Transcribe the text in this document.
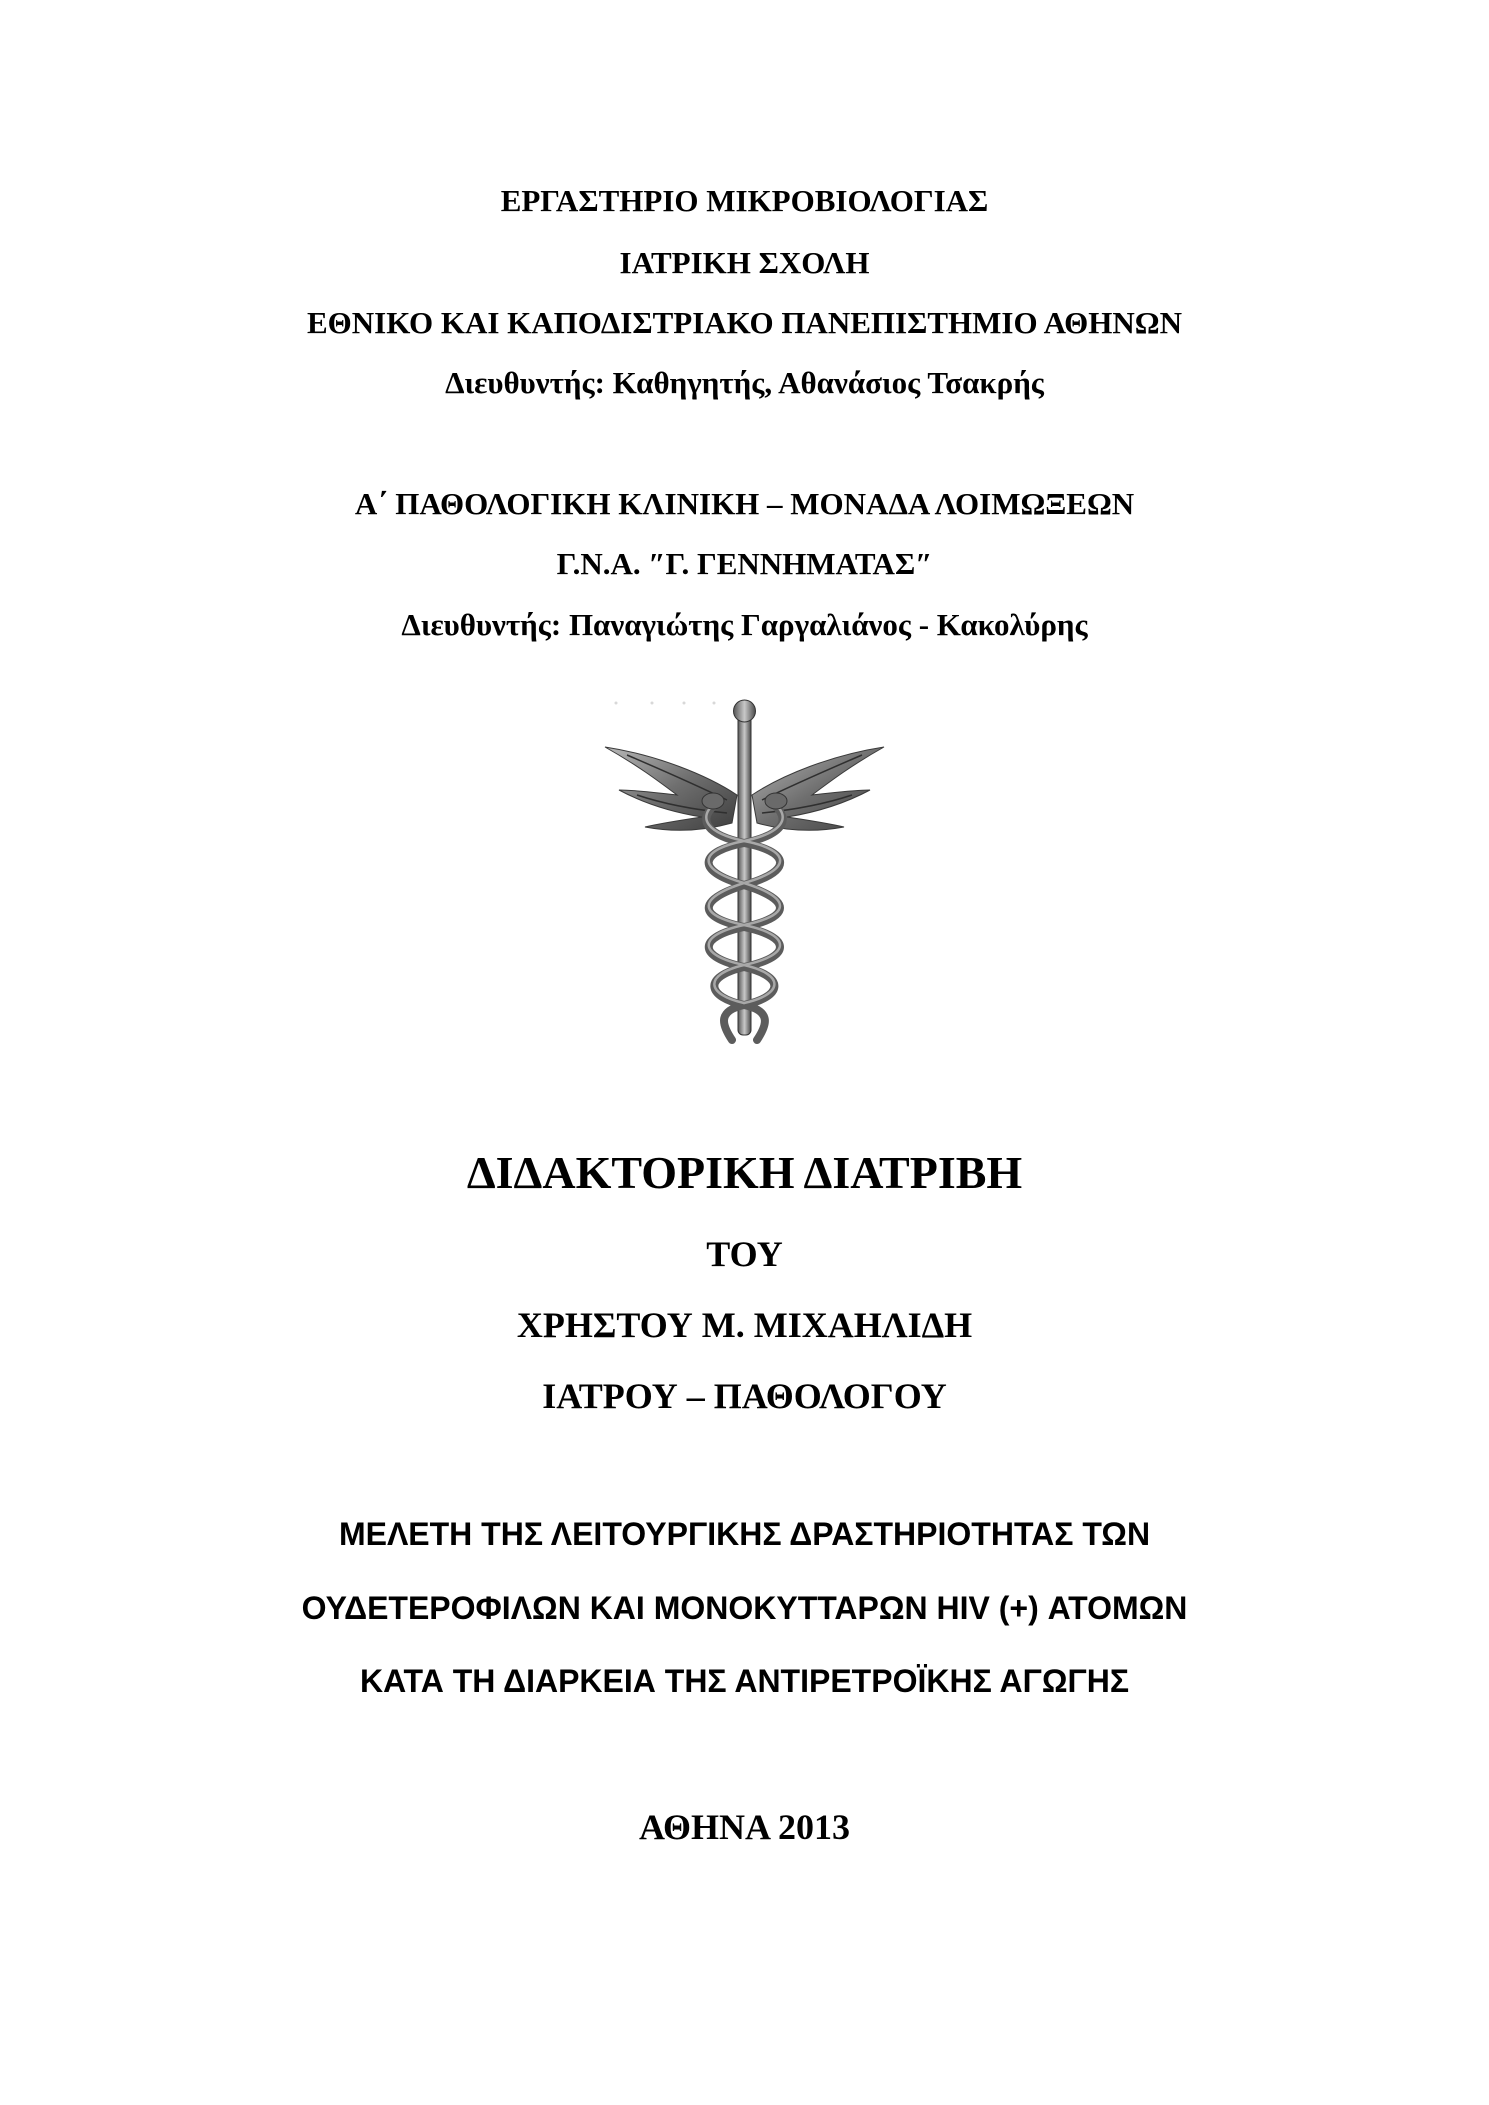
ΕΡΓΑΣΤΗΡΙΟ ΜΙΚΡΟΒΙΟΛΟΓΙΑΣ
ΙΑΤΡΙΚΗ ΣΧΟΛΗ
ΕΘΝΙΚΟ ΚΑΙ ΚΑΠΟΔΙΣΤΡΙΑΚΟ ΠΑΝΕΠΙΣΤΗΜΙΟ ΑΘΗΝΩΝ
Διευθυντής: Καθηγητής, Αθανάσιος Τσακρής
Α΄ ΠΑΘΟΛΟΓΙΚΗ ΚΛΙΝΙΚΗ – ΜΟΝΑΔΑ ΛΟΙΜΩΞΕΩΝ
Γ.Ν.Α. ″Γ. ΓΕΝΝΗΜΑΤΑΣ″
Διευθυντής: Παναγιώτης Γαργαλιάνος - Κακολύρης
ΔΙΔΑΚΤΟΡΙΚΗ ΔΙΑΤΡΙΒΗ
ΤΟΥ
ΧΡΗΣΤΟΥ Μ. ΜΙΧΑΗΛΙΔΗ
ΙΑΤΡΟΥ – ΠΑΘΟΛΟΓΟΥ
ΜΕΛΕΤΗ ΤΗΣ ΛΕΙΤΟΥΡΓΙΚΗΣ ΔΡΑΣΤΗΡΙΟΤΗΤΑΣ ΤΩΝ
ΟΥΔΕΤΕΡΟΦΙΛΩΝ ΚΑΙ ΜΟΝΟΚΥΤΤΑΡΩΝ HIV (+) ΑΤΟΜΩΝ
ΚΑΤΑ ΤΗ ΔΙΑΡΚΕΙΑ ΤΗΣ ΑΝΤΙΡΕΤΡΟΪΚΗΣ ΑΓΩΓΗΣ
ΑΘΗΝΑ 2013
